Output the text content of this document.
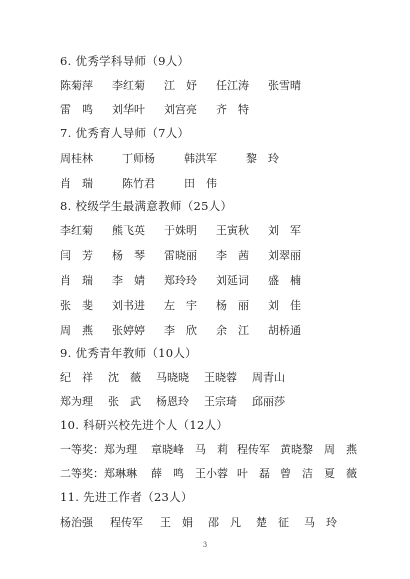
6. 优秀学科导师（9人）
陈菊萍 李红菊 江　妤 任江涛 张雪晴
雷　鸣 刘华叶 刘宫亮 齐　特
7. 优秀育人导师（7人）
周桂林	丁师杨	韩洪军	黎　玲
肖　瑞	陈竹君	田　伟
8. 校级学生最满意教师（25人）
李红菊 熊飞英 于姝明 王寅秋 刘　军
闫　芳 杨　琴 雷晓丽 李　茜 刘翠丽
肖　瑞 李　婧 郑玲玲 刘延词 盛　楠
张　斐 刘书进 左　宇 杨　丽 刘　佳
周　燕 张婷婷 李　欣 余　江 胡桥通
9. 优秀青年教师（10人）
纪　祥 沈　薇 马晓晓 王晓蓉 周青山
郑为理 张　武 杨恩玲 王宗琦 邱丽莎
10. 科研兴校先进个人（12人）
一等奖：郑为理 章晓峰 马　莉 程传军 黄晓黎 周　燕
二等奖：郑琳琳 薛　鸣 王小蓉 叶　磊 曾　洁 夏　薇
11. 先进工作者（23人）
杨治强 程传军 王　娟 邵　凡 楚　征 马　玲
3
